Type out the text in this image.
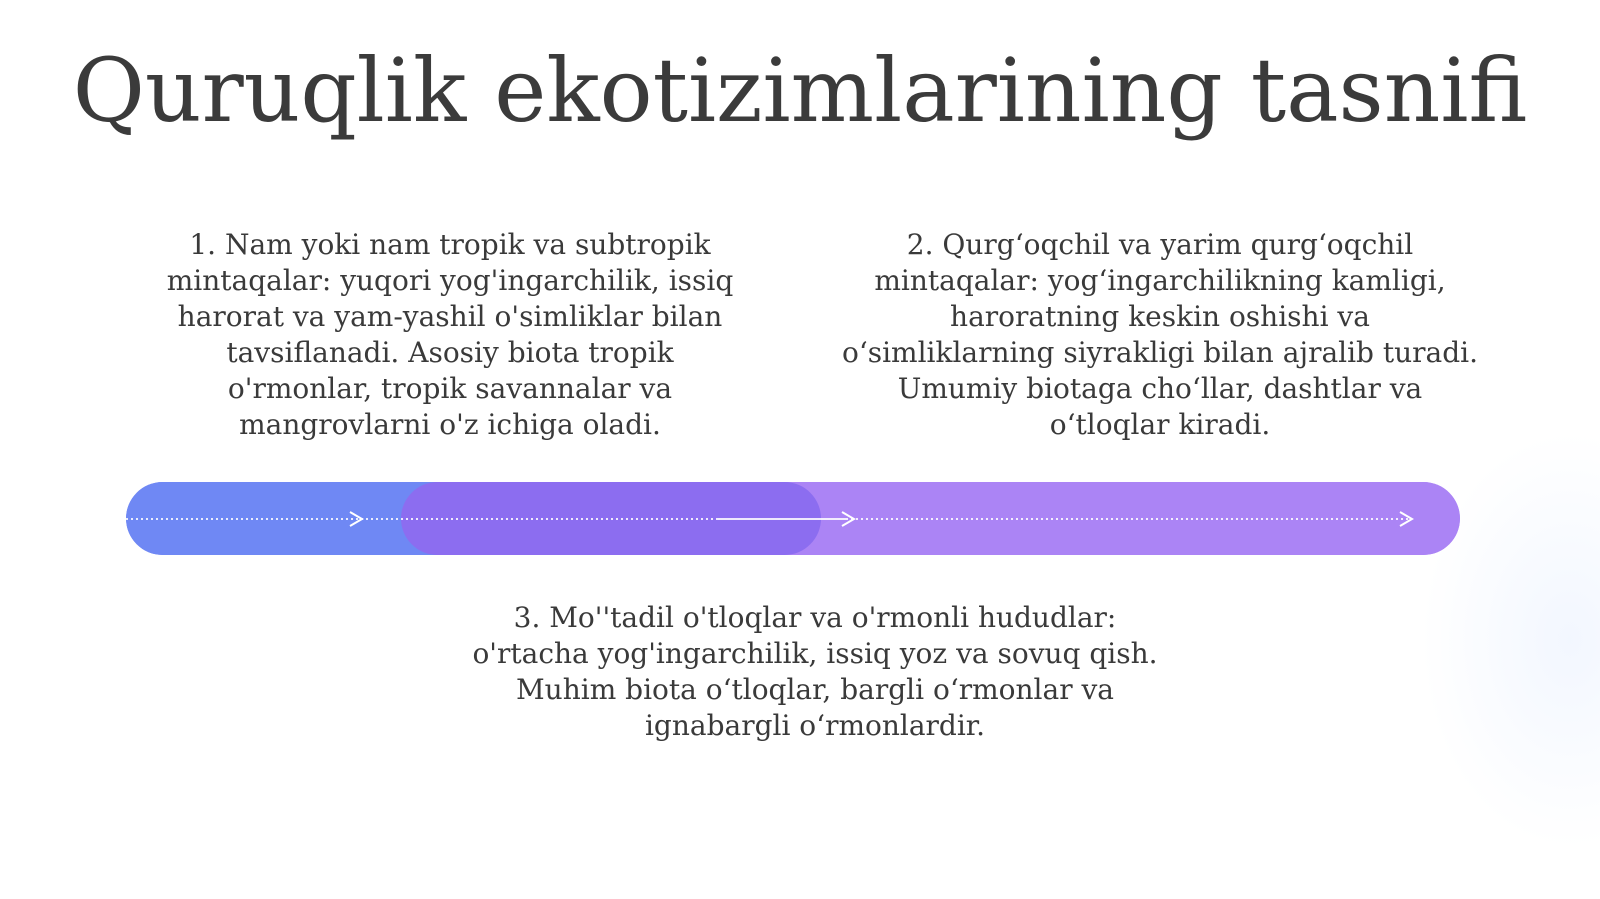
Quruqlik ekotizimlarining tasnifi

1. Nam yoki nam tropik va subtropik mintaqalar: yuqori yog'ingarchilik, issiq harorat va yam-yashil o'simliklar bilan tavsiflanadi. Asosiy biota tropik o'rmonlar, tropik savannalar va mangrovlarni o'z ichiga oladi.

2. Qurg‘oqchil va yarim qurg‘oqchil mintaqalar: yog‘ingarchilikning kamligi, haroratning keskin oshishi va o‘simliklarning siyrakligi bilan ajralib turadi. Umumiy biotaga cho‘llar, dashtlar va o‘tloqlar kiradi.

3. Mo''tadil o'tloqlar va o'rmonli hududlar: o'rtacha yog'ingarchilik, issiq yoz va sovuq qish. Muhim biota o‘tloqlar, bargli o‘rmonlar va ignabargli o‘rmonlardir.
